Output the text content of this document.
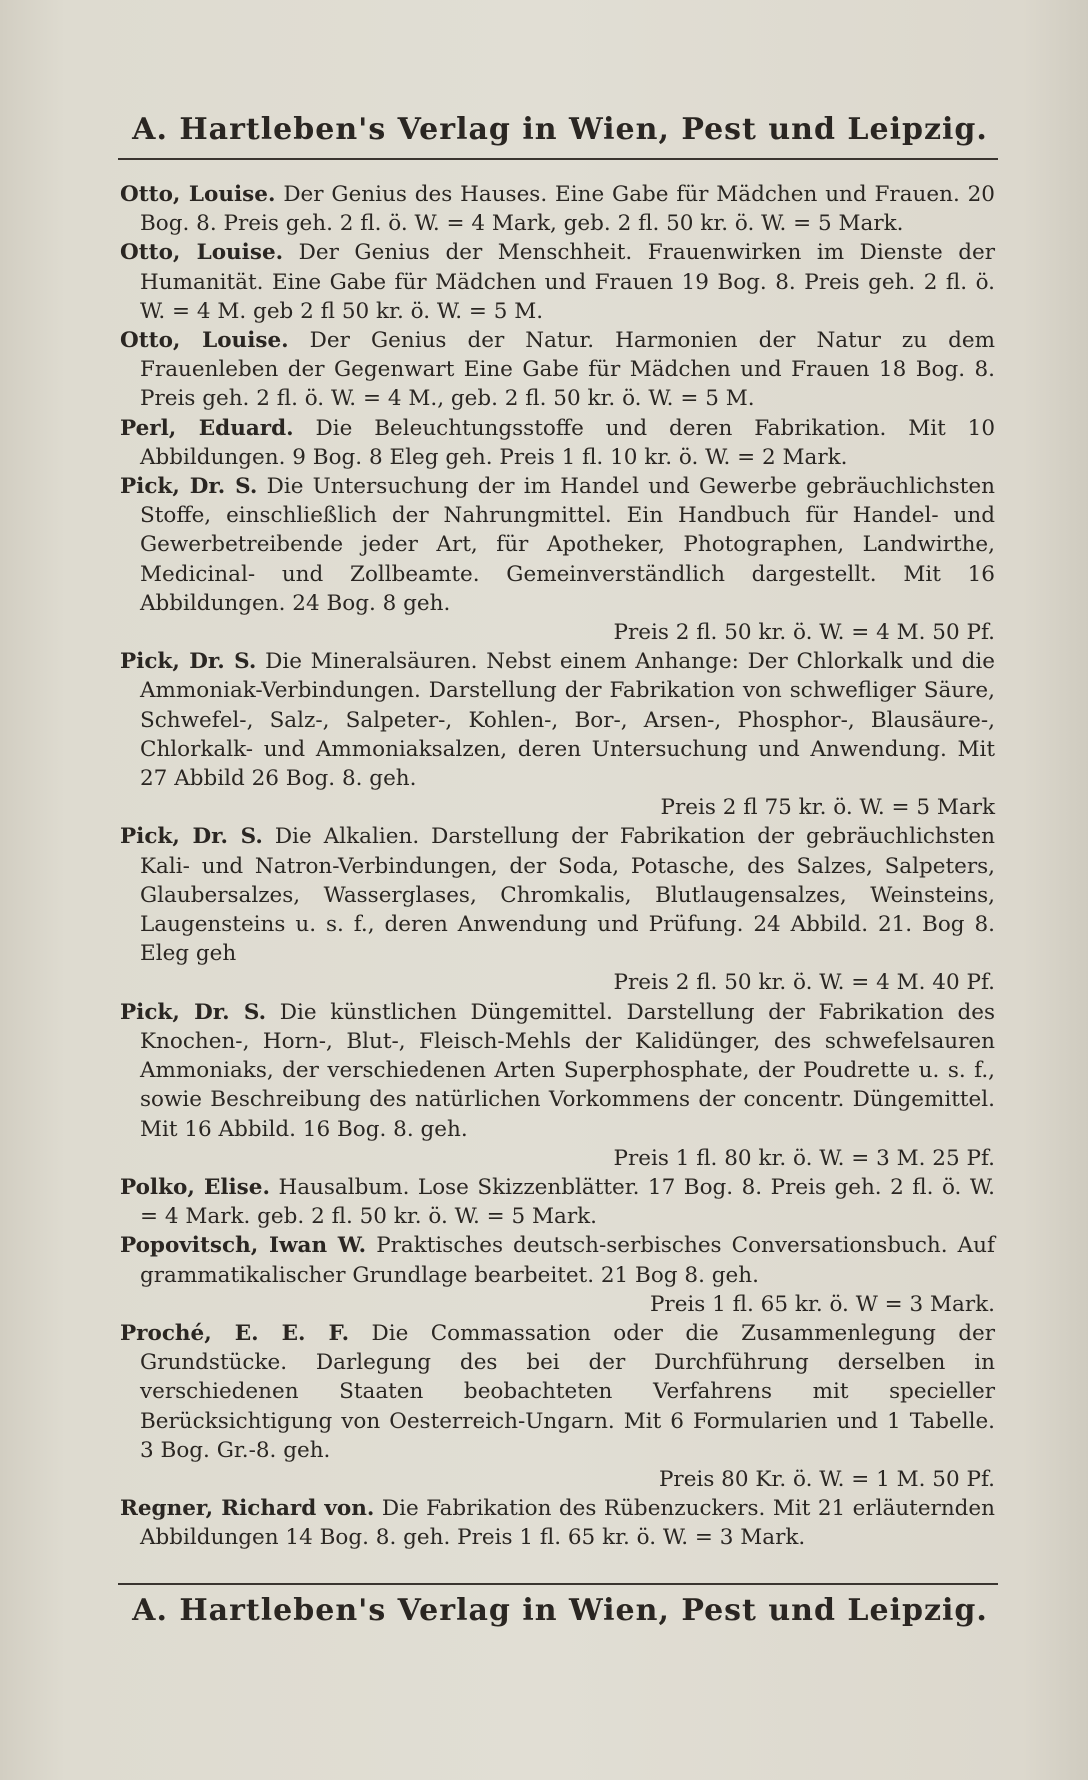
A. Hartleben's Verlag in Wien, Pest und Leipzig.

Otto, Louise. Der Genius des Hauses. Eine Gabe für Mädchen und Frauen. 20 Bog. 8. Preis geh. 2 fl. ö. W. = 4 Mark, geb. 2 fl. 50 kr. ö. W. = 5 Mark.

Otto, Louise. Der Genius der Menschheit. Frauenwirken im Dienste der Humanität. Eine Gabe für Mädchen und Frauen 19 Bog. 8. Preis geh. 2 fl. ö. W. = 4 M. geb 2 fl 50 kr. ö. W. = 5 M.

Otto, Louise. Der Genius der Natur. Harmonien der Natur zu dem Frauenleben der Gegenwart Eine Gabe für Mädchen und Frauen 18 Bog. 8. Preis geh. 2 fl. ö. W. = 4 M., geb. 2 fl. 50 kr. ö. W. = 5 M.

Perl, Eduard. Die Beleuchtungsstoffe und deren Fabrikation. Mit 10 Abbildungen. 9 Bog. 8 Eleg geh. Preis 1 fl. 10 kr. ö. W. = 2 Mark.

Pick, Dr. S. Die Untersuchung der im Handel und Gewerbe gebräuchlichsten Stoffe, einschließlich der Nahrungmittel. Ein Handbuch für Handel- und Gewerbetreibende jeder Art, für Apotheker, Photographen, Landwirthe, Medicinal- und Zollbeamte. Gemeinverständlich dargestellt. Mit 16 Abbildungen. 24 Bog. 8 geh.
Preis 2 fl. 50 kr. ö. W. = 4 M. 50 Pf.

Pick, Dr. S. Die Mineralsäuren. Nebst einem Anhange: Der Chlorkalk und die Ammoniak-Verbindungen. Darstellung der Fabrikation von schwefliger Säure, Schwefel-, Salz-, Salpeter-, Kohlen-, Bor-, Arsen-, Phosphor-, Blausäure-, Chlorkalk- und Ammoniaksalzen, deren Untersuchung und Anwendung. Mit 27 Abbild 26 Bog. 8. geh.
Preis 2 fl 75 kr. ö. W. = 5 Mark

Pick, Dr. S. Die Alkalien. Darstellung der Fabrikation der gebräuchlichsten Kali- und Natron-Verbindungen, der Soda, Potasche, des Salzes, Salpeters, Glaubersalzes, Wasserglases, Chromkalis, Blutlaugensalzes, Weinsteins, Laugensteins u. s. f., deren Anwendung und Prüfung. 24 Abbild. 21. Bog 8. Eleg geh
Preis 2 fl. 50 kr. ö. W. = 4 M. 40 Pf.

Pick, Dr. S. Die künstlichen Düngemittel. Darstellung der Fabrikation des Knochen-, Horn-, Blut-, Fleisch-Mehls der Kalidünger, des schwefelsauren Ammoniaks, der verschiedenen Arten Superphosphate, der Poudrette u. s. f., sowie Beschreibung des natürlichen Vorkommens der concentr. Düngemittel. Mit 16 Abbild. 16 Bog. 8. geh.
Preis 1 fl. 80 kr. ö. W. = 3 M. 25 Pf.

Polko, Elise. Hausalbum. Lose Skizzenblätter. 17 Bog. 8. Preis geh. 2 fl. ö. W. = 4 Mark. geb. 2 fl. 50 kr. ö. W. = 5 Mark.

Popovitsch, Iwan W. Praktisches deutsch-serbisches Conversationsbuch. Auf grammatikalischer Grundlage bearbeitet. 21 Bog 8. geh.
Preis 1 fl. 65 kr. ö. W = 3 Mark.

Proché, E. E. F. Die Commassation oder die Zusammenlegung der Grundstücke. Darlegung des bei der Durchführung derselben in verschiedenen Staaten beobachteten Verfahrens mit specieller Berücksichtigung von Oesterreich-Ungarn. Mit 6 Formularien und 1 Tabelle. 3 Bog. Gr.-8. geh.
Preis 80 Kr. ö. W. = 1 M. 50 Pf.

Regner, Richard von. Die Fabrikation des Rübenzuckers. Mit 21 erläuternden Abbildungen 14 Bog. 8. geh. Preis 1 fl. 65 kr. ö. W. = 3 Mark.

A. Hartleben's Verlag in Wien, Pest und Leipzig.
